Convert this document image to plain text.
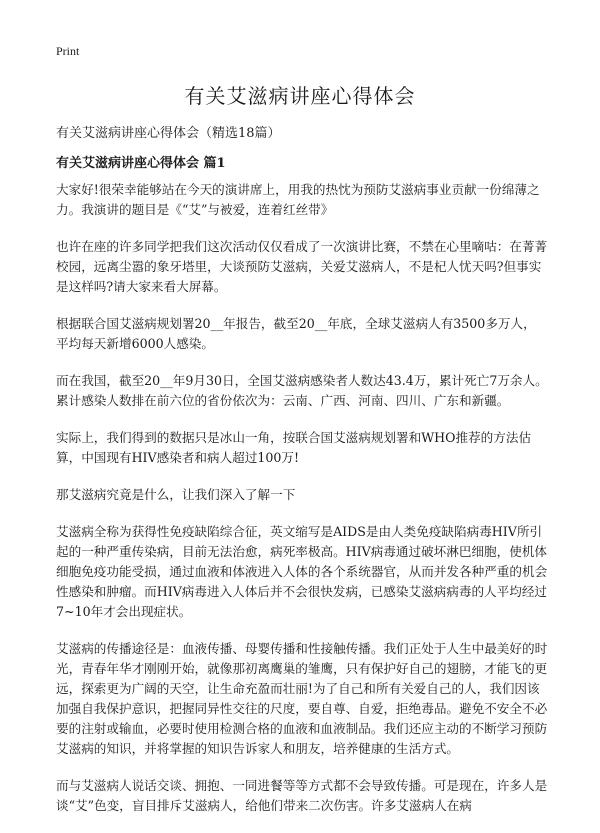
Print
有关艾滋病讲座心得体会

有关艾滋病讲座心得体会（精选18篇）

有关艾滋病讲座心得体会 篇1

大家好!很荣幸能够站在今天的演讲席上，用我的热忱为预防艾滋病事业贡献一份绵薄之力。我演讲的题目是《“艾”与被爱，连着红丝带》

也许在座的许多同学把我们这次活动仅仅看成了一次演讲比赛，不禁在心里嘀咕：在菁菁校园，远离尘嚣的象牙塔里，大谈预防艾滋病，关爱艾滋病人，不是杞人忧天吗?但事实是这样吗?请大家来看大屏幕。

根据联合国艾滋病规划署20__年报告，截至20__年底，全球艾滋病人有3500多万人，平均每天新增6000人感染。

而在我国，截至20__年9月30日，全国艾滋病感染者人数达43.4万，累计死亡7万余人。累计感染人数排在前六位的省份依次为：云南、广西、河南、四川、广东和新疆。

实际上，我们得到的数据只是冰山一角，按联合国艾滋病规划署和WHO推荐的方法估算，中国现有HIV感染者和病人超过100万!

那艾滋病究竟是什么，让我们深入了解一下

艾滋病全称为获得性免疫缺陷综合征，英文缩写是AIDS是由人类免疫缺陷病毒HIV所引起的一种严重传染病，目前无法治愈，病死率极高。HIV病毒通过破坏淋巴细胞，使机体细胞免疫功能受损，通过血液和体液进入人体的各个系统器官，从而并发各种严重的机会性感染和肿瘤。而HIV病毒进入人体后并不会很快发病，已感染艾滋病病毒的人平均经过7~10年才会出现症状。

艾滋病的传播途径是：血液传播、母婴传播和性接触传播。我们正处于人生中最美好的时光，青春年华才刚刚开始，就像那初离鹰巢的雏鹰，只有保护好自己的翅膀，才能飞的更远，探索更为广阔的天空，让生命充盈而壮丽!为了自己和所有关爱自己的人，我们因该加强自我保护意识，把握同异性交往的尺度，要自尊、自爱，拒绝毒品。避免不安全不必要的注射或输血，必要时使用检测合格的血液和血液制品。我们还应主动的不断学习预防艾滋病的知识，并将掌握的知识告诉家人和朋友，培养健康的生活方式。

而与艾滋病人说话交谈、拥抱、一同进餐等等方式都不会导致传播。可是现在，许多人是谈“艾”色变，盲目排斥艾滋病人，给他们带来二次伤害。许多艾滋病人在病
